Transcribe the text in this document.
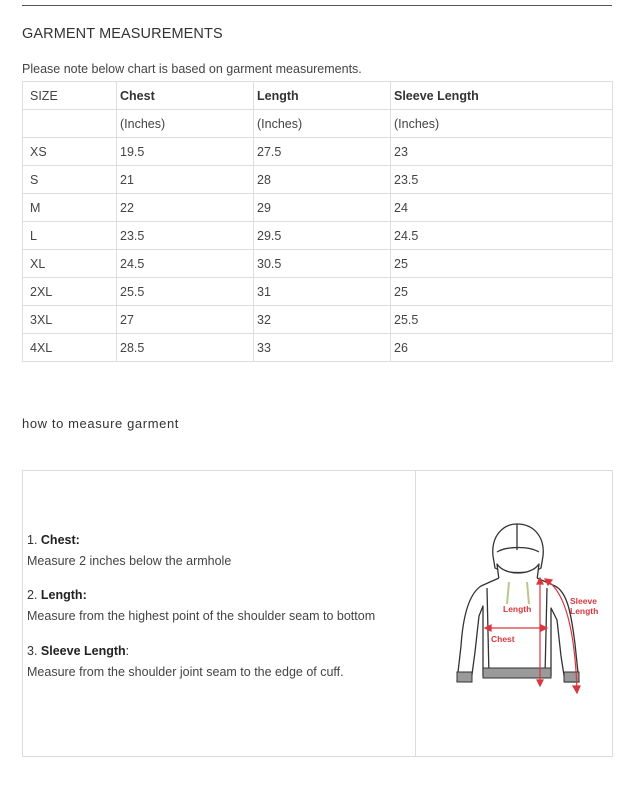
GARMENT MEASUREMENTS
Please note below chart is based on garment measurements.
SIZE	Chest	Length	Sleeve Length
	(Inches)	(Inches)	(Inches)
XS	19.5	27.5	23
S	21	28	23.5
M	22	29	24
L	23.5	29.5	24.5
XL	24.5	30.5	25
2XL	25.5	31	25
3XL	27	32	25.5
4XL	28.5	33	26
how to measure garment
1. Chest:
Measure 2 inches below the armhole
2. Length:
Measure from the highest point of the shoulder seam to bottom
3. Sleeve Length:
Measure from the shoulder joint seam to the edge of cuff.
Length
Chest
Sleeve
Length
